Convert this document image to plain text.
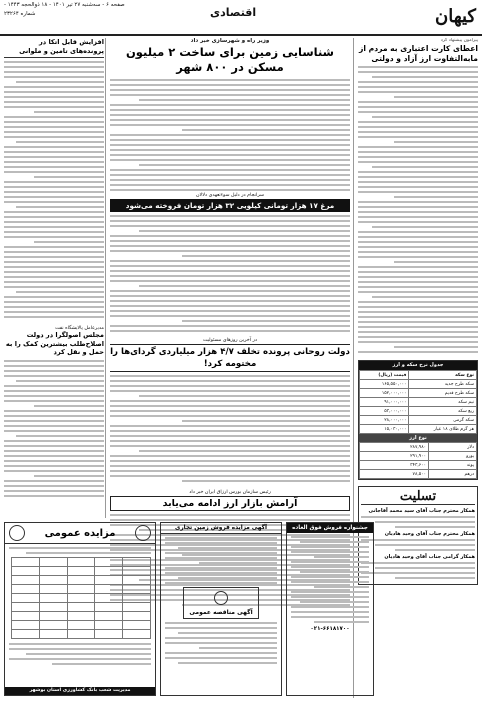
کیهان
اقتصادی
صفحه ۶ - سه‌شنبه ۲۷ تیر ۱۴۰۱ - ۱۸ ذوالحجه ۱۴۴۳ - شماره ۲۳۲۶۴
پیرامون پیشنهاد کرد
اعطای کارت اعتباری به مردم از مابه‌التفاوت ارز آزاد و دولتی
جدول نرخ سکه و ارز
نوع سکه	قیمت (ریال)
سکه طرح جدید	۱۶۵,۵۵۰,۰۰۰
سکه طرح قدیم	۱۵۲,۰۰۰,۰۰۰
نیم سکه	۹۱,۰۰۰,۰۰۰
ربع سکه	۵۳,۰۰۰,۰۰۰
سکه گرمی	۲۸,۰۰۰,۰۰۰
هر گرم طلای ۱۸ عیار	۱۵,۰۳۰,۰۰۰
نوع ارز
دلار	۲۸۷,۹۸۰
یورو	۲۹۱,۹۰۰
پوند	۳۴۳,۶۰۰
درهم	۷۸,۵۰۰
تسلیت
همکار محترم جناب آقای سید محمد آقاجانی
همکار محترم جناب آقای وحید هادیان
همکار گرامی جناب آقای وحید هادیان
وزیر راه و شهرسازی خبر داد
شناسایی زمین برای ساخت ۲ میلیون مسکن در ۸۰۰ شهر
سرانجام در دلیل سوءتعهدی دلالان
مرغ ۱۷ هزار تومانی کیلویی ۳۲ هزار تومان فروخته می‌شود
در آخرین روزهای مسئولیت
دولت روحانی پرونده تخلف ۴/۷ هزار میلیاردی گردای‌ها را مختومه کرد!
رئیس سازمان بورس ارزاق ایران خبر داد
آرامش بازار ارز ادامه می‌یابد
افزایش قابل اتکا در پرونده‌های تامین و ملوانی
مدیرعامل پالایشگاه نفت
مجلس اصولگرا در دولت اصلاح‌طلب بیشترین کمک را به حمل و نقل کرد
مزایده عمومی

مدیریت شعب بانک کشاورزی استان بوشهر
آگهی مزایده فروش زمین تجاری
آگهی مناقصه عمومی
جشنواره فروش فوق العاده
۰۲۱-۶۶۱۸۱۷۰۰
